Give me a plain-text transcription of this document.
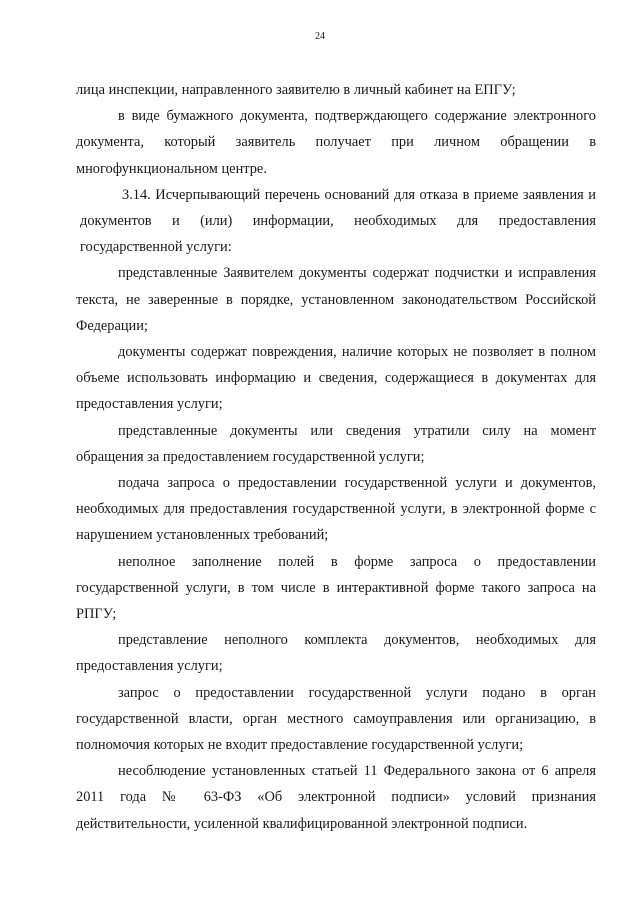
24

лица инспекции, направленного заявителю в личный кабинет на ЕПГУ;

в виде бумажного документа, подтверждающего содержание электронного документа, который заявитель получает при личном обращении в многофункциональном центре.

3.14. Исчерпывающий перечень оснований для отказа в приеме заявления и документов и (или) информации, необходимых для предоставления государственной услуги:

представленные Заявителем документы содержат подчистки и исправления текста, не заверенные в порядке, установленном законодательством Российской Федерации;

документы содержат повреждения, наличие которых не позволяет в полном объеме использовать информацию и сведения, содержащиеся в документах для предоставления услуги;

представленные документы или сведения утратили силу на момент обращения за предоставлением государственной услуги;

подача запроса о предоставлении государственной услуги и документов, необходимых для предоставления государственной услуги, в электронной форме с нарушением установленных требований;

неполное заполнение полей в форме запроса о предоставлении государственной услуги, в том числе в интерактивной форме такого запроса на РПГУ;

представление неполного комплекта документов, необходимых для предоставления услуги;

запрос о предоставлении государственной услуги подано в орган государственной власти, орган местного самоуправления или организацию, в полномочия которых не входит предоставление государственной услуги;

несоблюдение установленных статьей 11 Федерального закона от 6 апреля 2011 года № 63-ФЗ «Об электронной подписи» условий признания действительности, усиленной квалифицированной электронной подписи.
